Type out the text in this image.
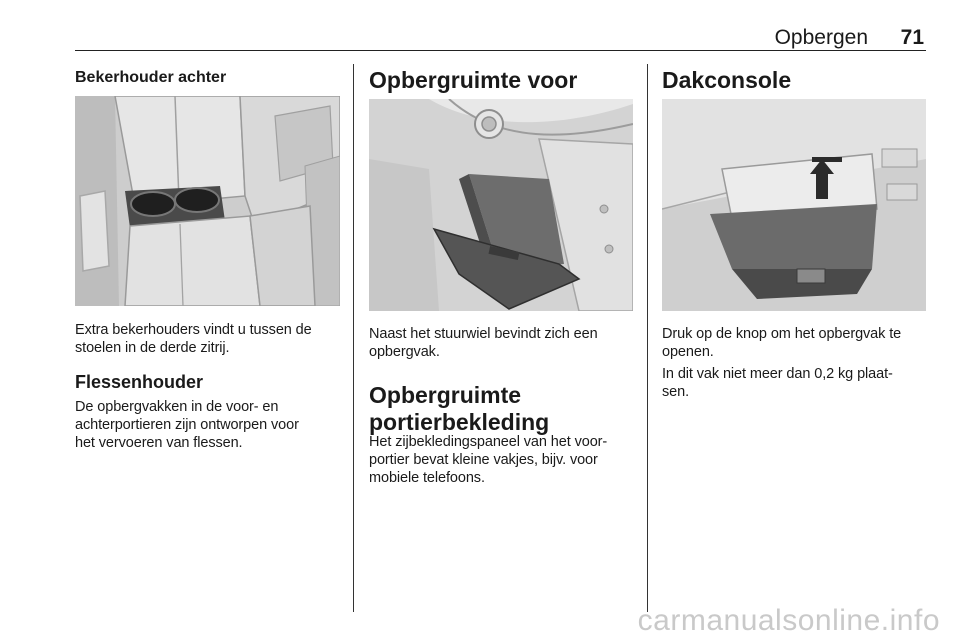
Opbergen 71
Bekerhouder achter

Extra bekerhouders vindt u tussen de
stoelen in de derde zitrij.

Flessenhouder

De opbergvakken in de voor- en
achterportieren zijn ontworpen voor
het vervoeren van flessen.

Opbergruimte voor

Naast het stuurwiel bevindt zich een
opbergvak.

Opbergruimte
portierbekleding

Het zijbekledingspaneel van het voor-
portier bevat kleine vakjes, bijv. voor
mobiele telefoons.

Dakconsole

Druk op de knop om het opbergvak te
openen.

In dit vak niet meer dan 0,2 kg plaat-
sen.

carmanualsonline.info
